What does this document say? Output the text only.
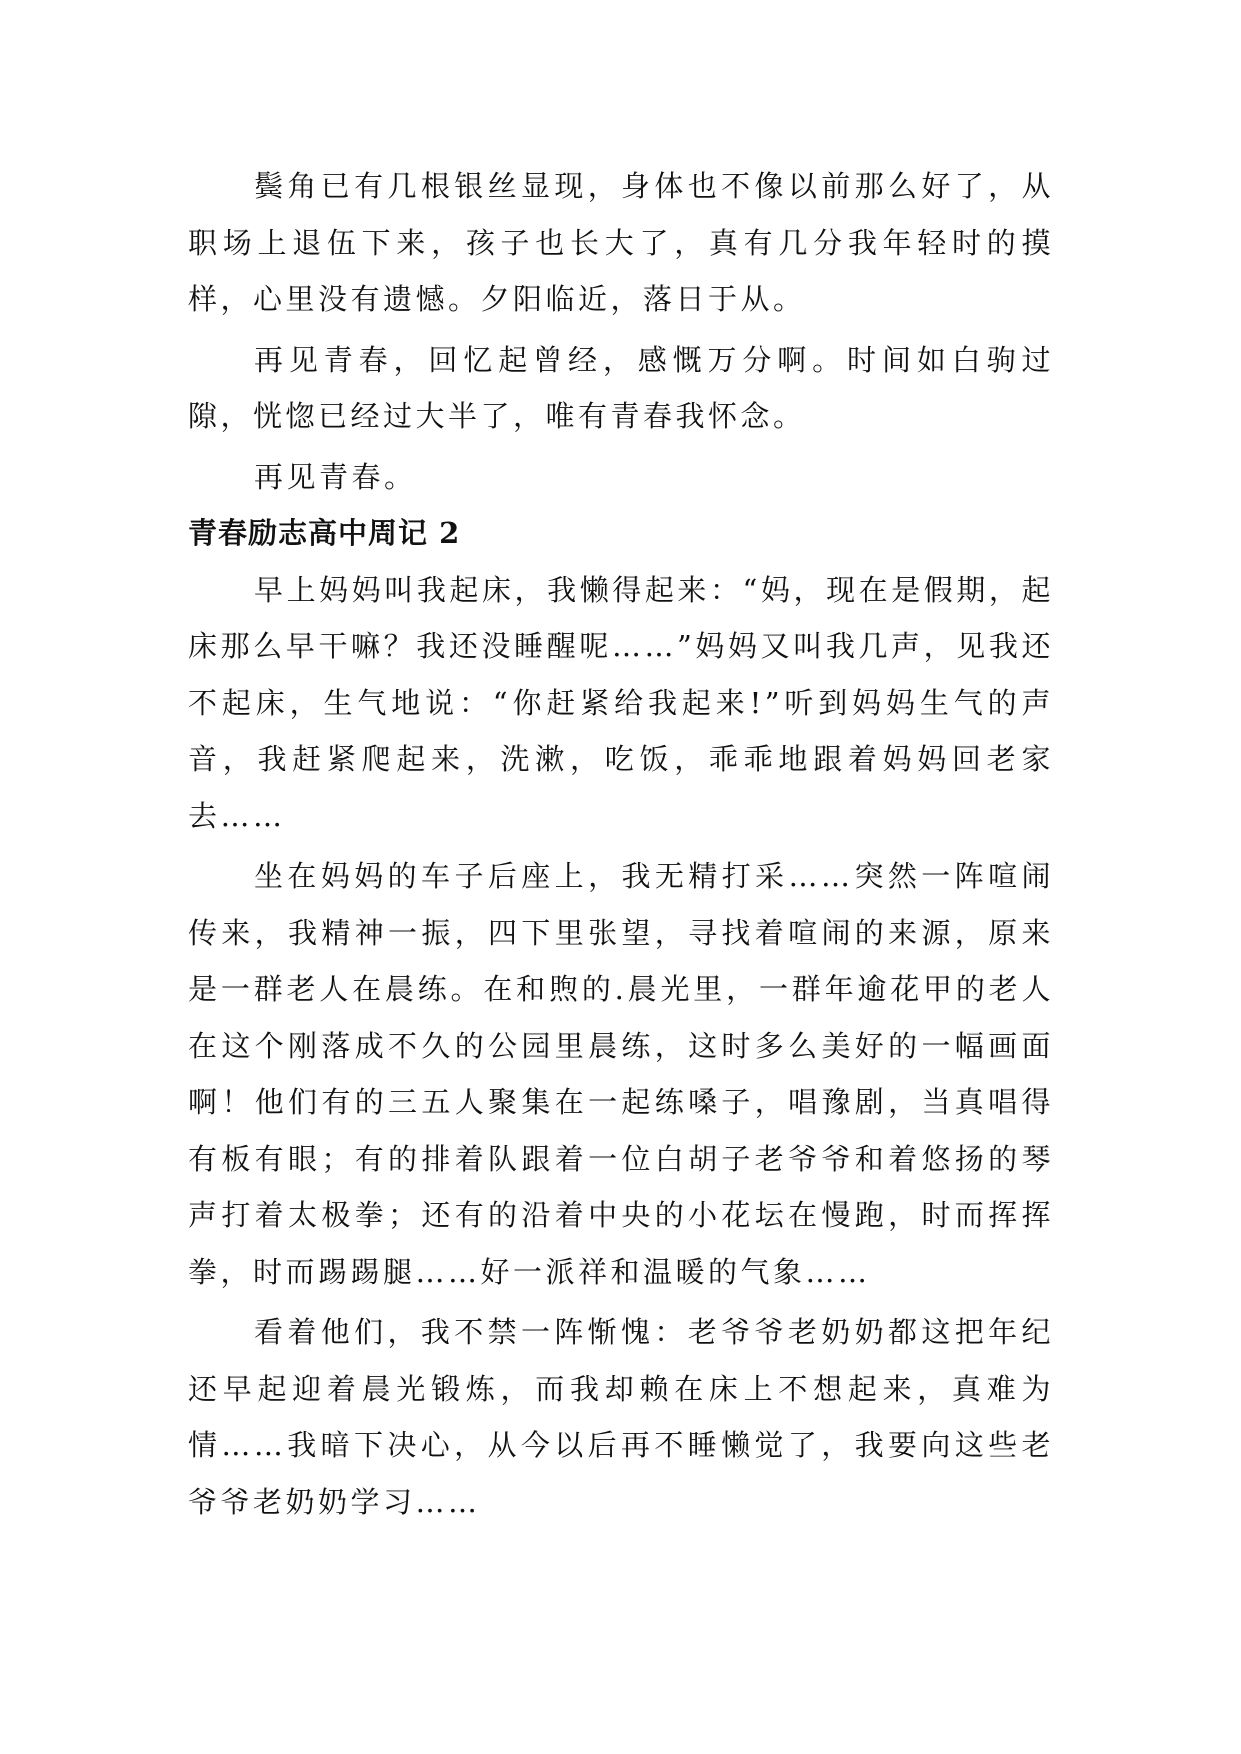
鬓角已有几根银丝显现，身体也不像以前那么好了，从职场上退伍下来，孩子也长大了，真有几分我年轻时的摸样，心里没有遗憾。夕阳临近，落日于从。

再见青春，回忆起曾经，感慨万分啊。时间如白驹过隙，恍惚已经过大半了，唯有青春我怀念。

再见青春。

青春励志高中周记 2

早上妈妈叫我起床，我懒得起来：“妈，现在是假期，起床那么早干嘛？我还没睡醒呢……”妈妈又叫我几声，见我还不起床，生气地说：“你赶紧给我起来!”听到妈妈生气的声音，我赶紧爬起来，洗漱，吃饭，乖乖地跟着妈妈回老家去……

坐在妈妈的车子后座上，我无精打采……突然一阵喧闹传来，我精神一振，四下里张望，寻找着喧闹的来源，原来是一群老人在晨练。在和煦的.晨光里，一群年逾花甲的老人在这个刚落成不久的公园里晨练，这时多么美好的一幅画面啊！他们有的三五人聚集在一起练嗓子，唱豫剧，当真唱得有板有眼；有的排着队跟着一位白胡子老爷爷和着悠扬的琴声打着太极拳；还有的沿着中央的小花坛在慢跑，时而挥挥拳，时而踢踢腿……好一派祥和温暖的气象……

看着他们，我不禁一阵惭愧：老爷爷老奶奶都这把年纪还早起迎着晨光锻炼，而我却赖在床上不想起来，真难为情……我暗下决心，从今以后再不睡懒觉了，我要向这些老爷爷老奶奶学习……
